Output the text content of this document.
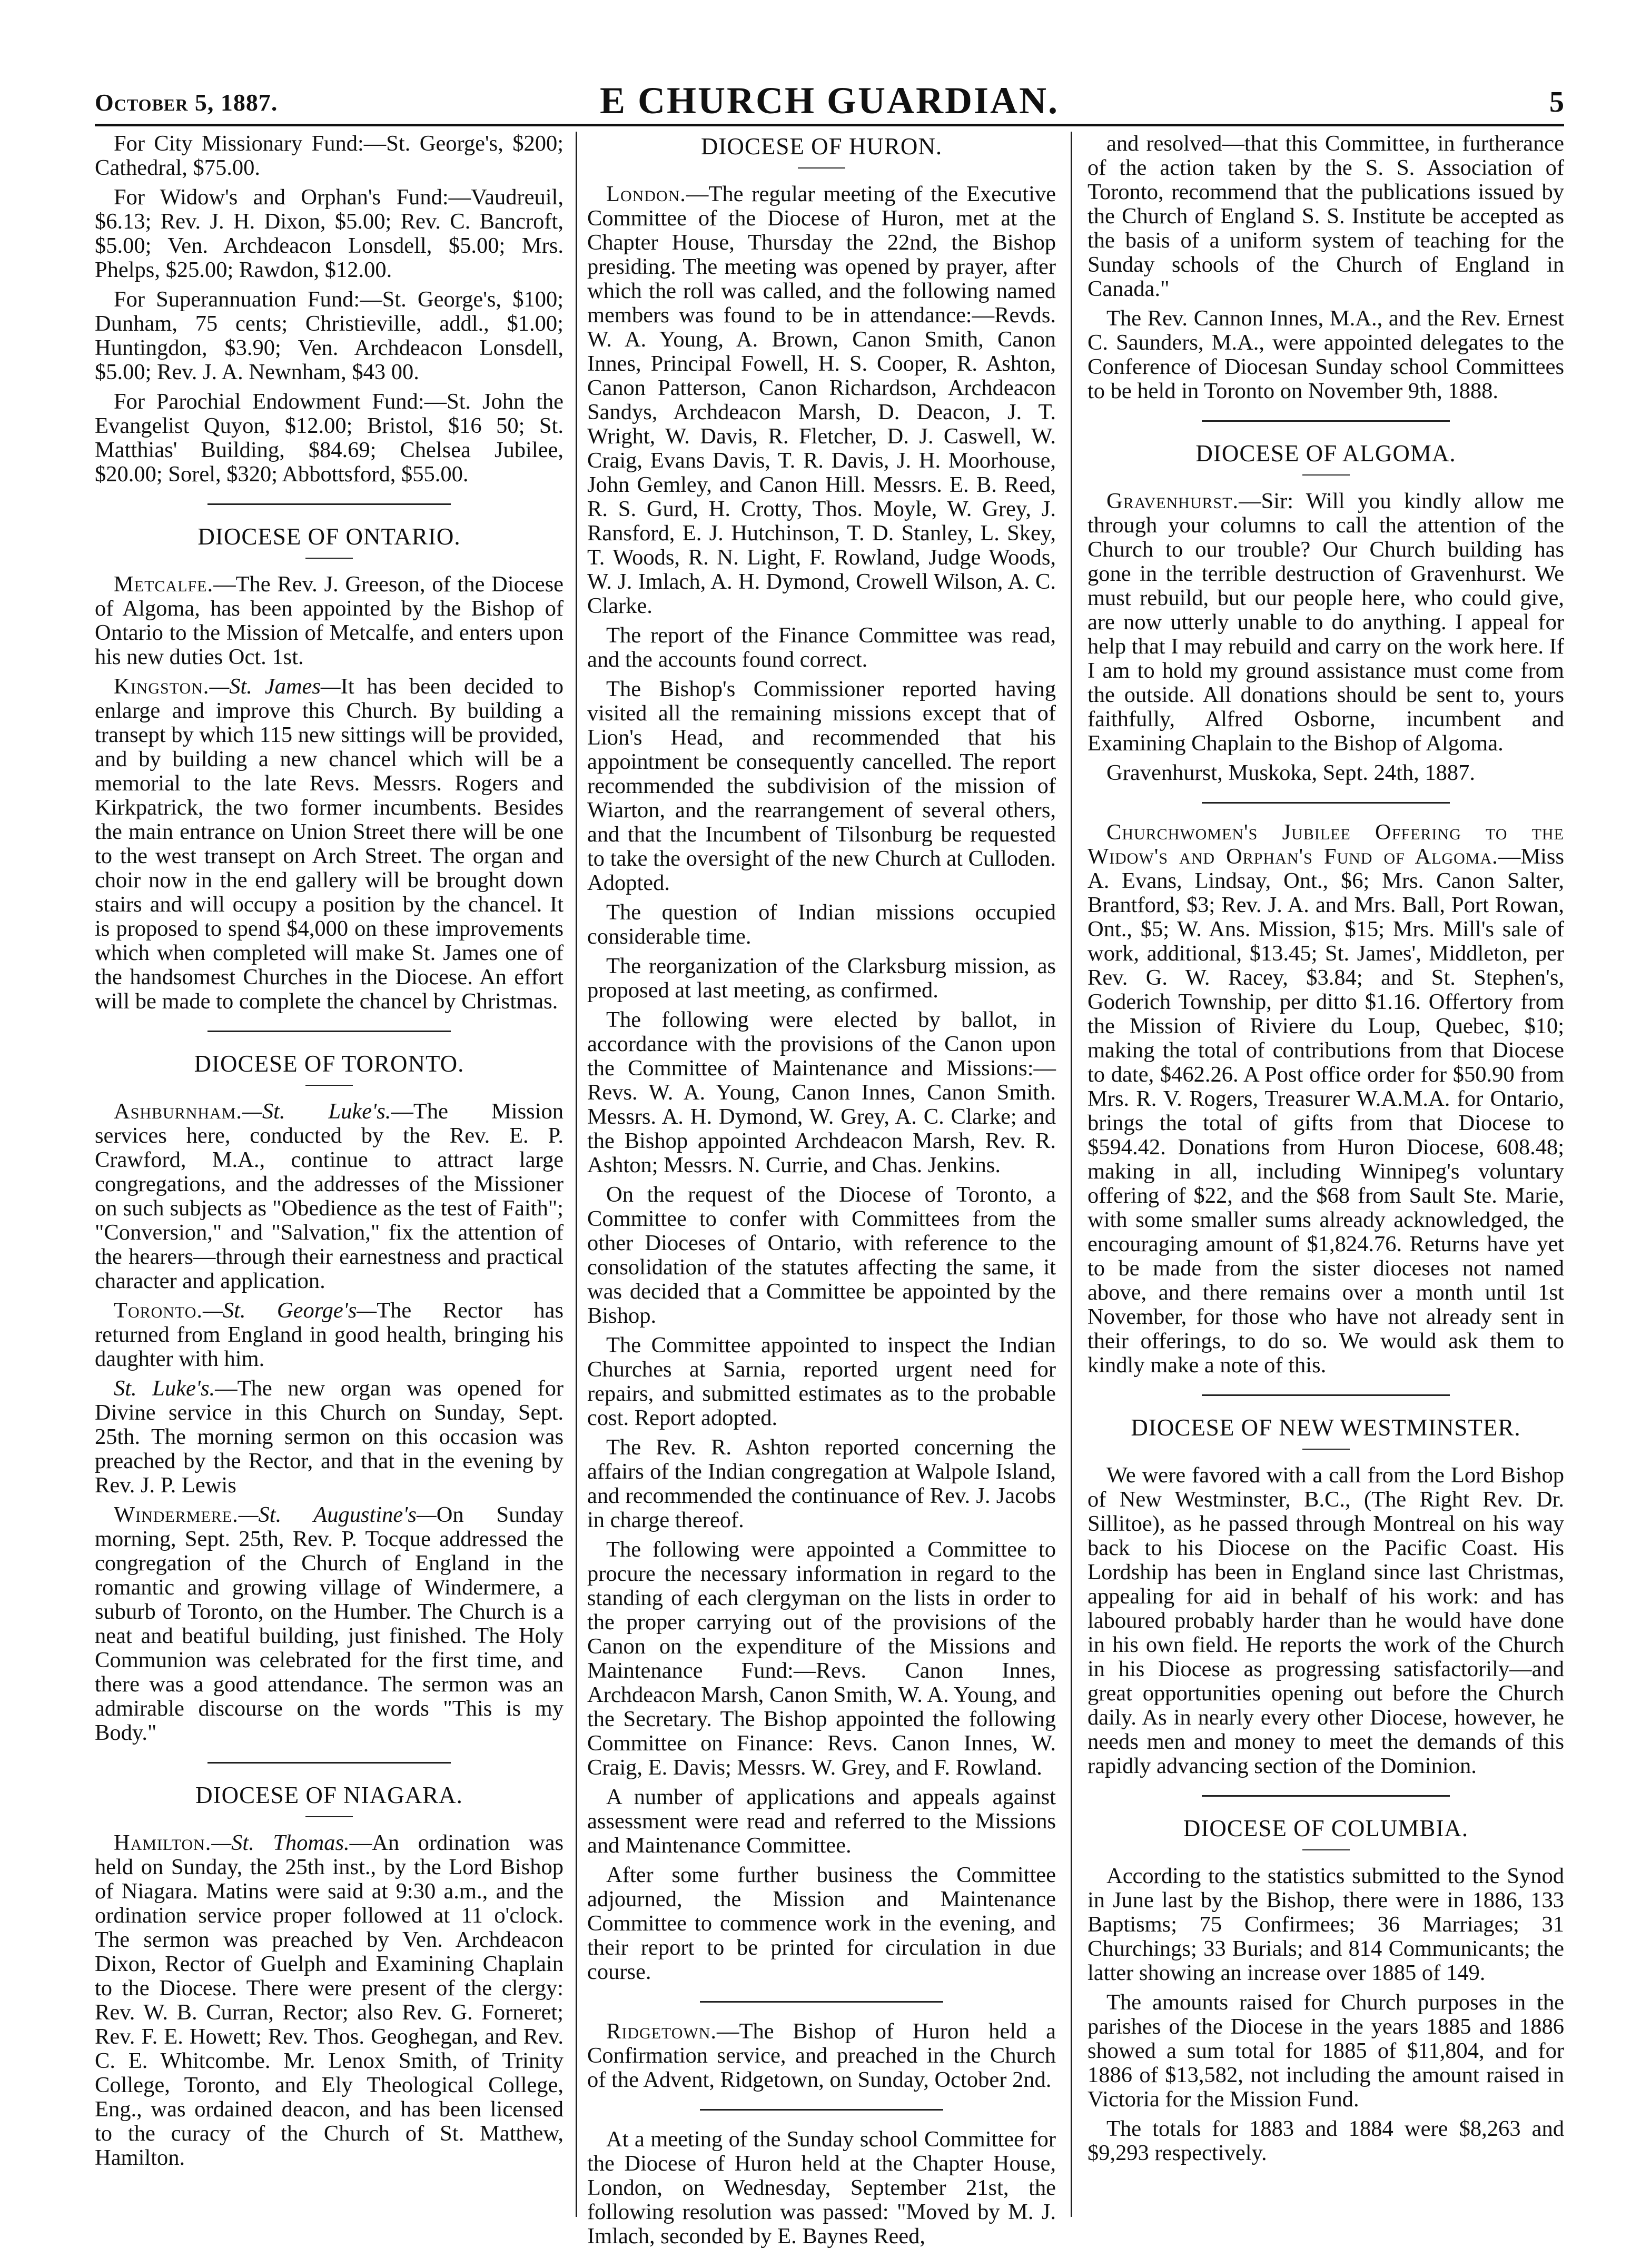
October 5, 1887.	E CHURCH GUARDIAN.	5

For City Missionary Fund:—St. George's, $200; Cathedral, $75.00.

For Widow's and Orphan's Fund:—Vaudreuil, $6.13; Rev. J. H. Dixon, $5.00; Rev. C. Bancroft, $5.00; Ven. Archdeacon Lonsdell, $5.00; Mrs. Phelps, $25.00; Rawdon, $12.00.

For Superannuation Fund:—St. George's, $100; Dunham, 75 cents; Christieville, addl., $1.00; Huntingdon, $3.90; Ven. Archdeacon Lonsdell, $5.00; Rev. J. A. Newnham, $43 00.

For Parochial Endowment Fund:—St. John the Evangelist Quyon, $12.00; Bristol, $16 50; St. Matthias' Building, $84.69; Chelsea Jubilee, $20.00; Sorel, $320; Abbottsford, $55.00.

DIOCESE OF ONTARIO.

Metcalfe.—The Rev. J. Greeson, of the Diocese of Algoma, has been appointed by the Bishop of Ontario to the Mission of Metcalfe, and enters upon his new duties Oct. 1st.

Kingston.—St. James—It has been decided to enlarge and improve this Church. By building a transept by which 115 new sittings will be provided, and by building a new chancel which will be a memorial to the late Revs. Messrs. Rogers and Kirkpatrick, the two former incumbents. Besides the main entrance on Union Street there will be one to the west transept on Arch Street. The organ and choir now in the end gallery will be brought down stairs and will occupy a position by the chancel. It is proposed to spend $4,000 on these improvements which when completed will make St. James one of the handsomest Churches in the Diocese. An effort will be made to complete the chancel by Christmas.

DIOCESE OF TORONTO.

Ashburnham.—St. Luke's.—The Mission services here, conducted by the Rev. E. P. Crawford, M.A., continue to attract large congregations, and the addresses of the Missioner on such subjects as "Obedience as the test of Faith"; "Conversion," and "Salvation," fix the attention of the hearers—through their earnestness and practical character and application.

Toronto.—St. George's—The Rector has returned from England in good health, bringing his daughter with him.

St. Luke's.—The new organ was opened for Divine service in this Church on Sunday, Sept. 25th. The morning sermon on this occasion was preached by the Rector, and that in the evening by Rev. J. P. Lewis

Windermere.—St. Augustine's—On Sunday morning, Sept. 25th, Rev. P. Tocque addressed the congregation of the Church of England in the romantic and growing village of Windermere, a suburb of Toronto, on the Humber. The Church is a neat and beatiful building, just finished. The Holy Communion was celebrated for the first time, and there was a good attendance. The sermon was an admirable discourse on the words "This is my Body."

DIOCESE OF NIAGARA.

Hamilton.—St. Thomas.—An ordination was held on Sunday, the 25th inst., by the Lord Bishop of Niagara. Matins were said at 9:30 a.m., and the ordination service proper followed at 11 o'clock. The sermon was preached by Ven. Archdeacon Dixon, Rector of Guelph and Examining Chaplain to the Diocese. There were present of the clergy: Rev. W. B. Curran, Rector; also Rev. G. Forneret; Rev. F. E. Howett; Rev. Thos. Geoghegan, and Rev. C. E. Whitcombe. Mr. Lenox Smith, of Trinity College, Toronto, and Ely Theological College, Eng., was ordained deacon, and has been licensed to the curacy of the Church of St. Matthew, Hamilton.

DIOCESE OF HURON.

London.—The regular meeting of the Executive Committee of the Diocese of Huron, met at the Chapter House, Thursday the 22nd, the Bishop presiding. The meeting was opened by prayer, after which the roll was called, and the following named members was found to be in attendance:—Revds. W. A. Young, A. Brown, Canon Smith, Canon Innes, Principal Fowell, H. S. Cooper, R. Ashton, Canon Patterson, Canon Richardson, Archdeacon Sandys, Archdeacon Marsh, D. Deacon, J. T. Wright, W. Davis, R. Fletcher, D. J. Caswell, W. Craig, Evans Davis, T. R. Davis, J. H. Moorhouse, John Gemley, and Canon Hill. Messrs. E. B. Reed, R. S. Gurd, H. Crotty, Thos. Moyle, W. Grey, J. Ransford, E. J. Hutchinson, T. D. Stanley, L. Skey, T. Woods, R. N. Light, F. Rowland, Judge Woods, W. J. Imlach, A. H. Dymond, Crowell Wilson, A. C. Clarke.

The report of the Finance Committee was read, and the accounts found correct.

The Bishop's Commissioner reported having visited all the remaining missions except that of Lion's Head, and recommended that his appointment be consequently cancelled. The report recommended the subdivision of the mission of Wiarton, and the rearrangement of several others, and that the Incumbent of Tilsonburg be requested to take the oversight of the new Church at Culloden. Adopted.

The question of Indian missions occupied considerable time.

The reorganization of the Clarksburg mission, as proposed at last meeting, as confirmed.

The following were elected by ballot, in accordance with the provisions of the Canon upon the Committee of Maintenance and Missions:—Revs. W. A. Young, Canon Innes, Canon Smith. Messrs. A. H. Dymond, W. Grey, A. C. Clarke; and the Bishop appointed Archdeacon Marsh, Rev. R. Ashton; Messrs. N. Currie, and Chas. Jenkins.

On the request of the Diocese of Toronto, a Committee to confer with Committees from the other Dioceses of Ontario, with reference to the consolidation of the statutes affecting the same, it was decided that a Committee be appointed by the Bishop.

The Committee appointed to inspect the Indian Churches at Sarnia, reported urgent need for repairs, and submitted estimates as to the probable cost. Report adopted.

The Rev. R. Ashton reported concerning the affairs of the Indian congregation at Walpole Island, and recommended the continuance of Rev. J. Jacobs in charge thereof.

The following were appointed a Committee to procure the necessary information in regard to the standing of each clergyman on the lists in order to the proper carrying out of the provisions of the Canon on the expenditure of the Missions and Maintenance Fund:—Revs. Canon Innes, Archdeacon Marsh, Canon Smith, W. A. Young, and the Secretary. The Bishop appointed the following Committee on Finance: Revs. Canon Innes, W. Craig, E. Davis; Messrs. W. Grey, and F. Rowland.

A number of applications and appeals against assessment were read and referred to the Missions and Maintenance Committee.

After some further business the Committee adjourned, the Mission and Maintenance Committee to commence work in the evening, and their report to be printed for circulation in due course.

Ridgetown.—The Bishop of Huron held a Confirmation service, and preached in the Church of the Advent, Ridgetown, on Sunday, October 2nd.

At a meeting of the Sunday school Committee for the Diocese of Huron held at the Chapter House, London, on Wednesday, September 21st, the following resolution was passed: "Moved by M. J. Imlach, seconded by E. Baynes Reed,

and resolved—that this Committee, in furtherance of the action taken by the S. S. Association of Toronto, recommend that the publications issued by the Church of England S. S. Institute be accepted as the basis of a uniform system of teaching for the Sunday schools of the Church of England in Canada."

The Rev. Cannon Innes, M.A., and the Rev. Ernest C. Saunders, M.A., were appointed delegates to the Conference of Diocesan Sunday school Committees to be held in Toronto on November 9th, 1888.

DIOCESE OF ALGOMA.

Gravenhurst.—Sir: Will you kindly allow me through your columns to call the attention of the Church to our trouble? Our Church building has gone in the terrible destruction of Gravenhurst. We must rebuild, but our people here, who could give, are now utterly unable to do anything. I appeal for help that I may rebuild and carry on the work here. If I am to hold my ground assistance must come from the outside. All donations should be sent to, yours faithfully, Alfred Osborne, incumbent and Examining Chaplain to the Bishop of Algoma.

Gravenhurst, Muskoka, Sept. 24th, 1887.

Churchwomen's Jubilee Offering to the Widow's and Orphan's Fund of Algoma.—Miss A. Evans, Lindsay, Ont., $6; Mrs. Canon Salter, Brantford, $3; Rev. J. A. and Mrs. Ball, Port Rowan, Ont., $5; W. Ans. Mission, $15; Mrs. Mill's sale of work, additional, $13.45; St. James', Middleton, per Rev. G. W. Racey, $3.84; and St. Stephen's, Goderich Township, per ditto $1.16. Offertory from the Mission of Riviere du Loup, Quebec, $10; making the total of contributions from that Diocese to date, $462.26. A Post office order for $50.90 from Mrs. R. V. Rogers, Treasurer W.A.M.A. for Ontario, brings the total of gifts from that Diocese to $594.42. Donations from Huron Diocese, 608.48; making in all, including Winnipeg's voluntary offering of $22, and the $68 from Sault Ste. Marie, with some smaller sums already acknowledged, the encouraging amount of $1,824.76. Returns have yet to be made from the sister dioceses not named above, and there remains over a month until 1st November, for those who have not already sent in their offerings, to do so. We would ask them to kindly make a note of this.

DIOCESE OF NEW WESTMINSTER.

We were favored with a call from the Lord Bishop of New Westminster, B.C., (The Right Rev. Dr. Sillitoe), as he passed through Montreal on his way back to his Diocese on the Pacific Coast. His Lordship has been in England since last Christmas, appealing for aid in behalf of his work: and has laboured probably harder than he would have done in his own field. He reports the work of the Church in his Diocese as progressing satisfactorily—and great opportunities opening out before the Church daily. As in nearly every other Diocese, however, he needs men and money to meet the demands of this rapidly advancing section of the Dominion.

DIOCESE OF COLUMBIA.

According to the statistics submitted to the Synod in June last by the Bishop, there were in 1886, 133 Baptisms; 75 Confirmees; 36 Marriages; 31 Churchings; 33 Burials; and 814 Communicants; the latter showing an increase over 1885 of 149.

The amounts raised for Church purposes in the parishes of the Diocese in the years 1885 and 1886 showed a sum total for 1885 of $11,804, and for 1886 of $13,582, not including the amount raised in Victoria for the Mission Fund.

The totals for 1883 and 1884 were $8,263 and $9,293 respectively.
